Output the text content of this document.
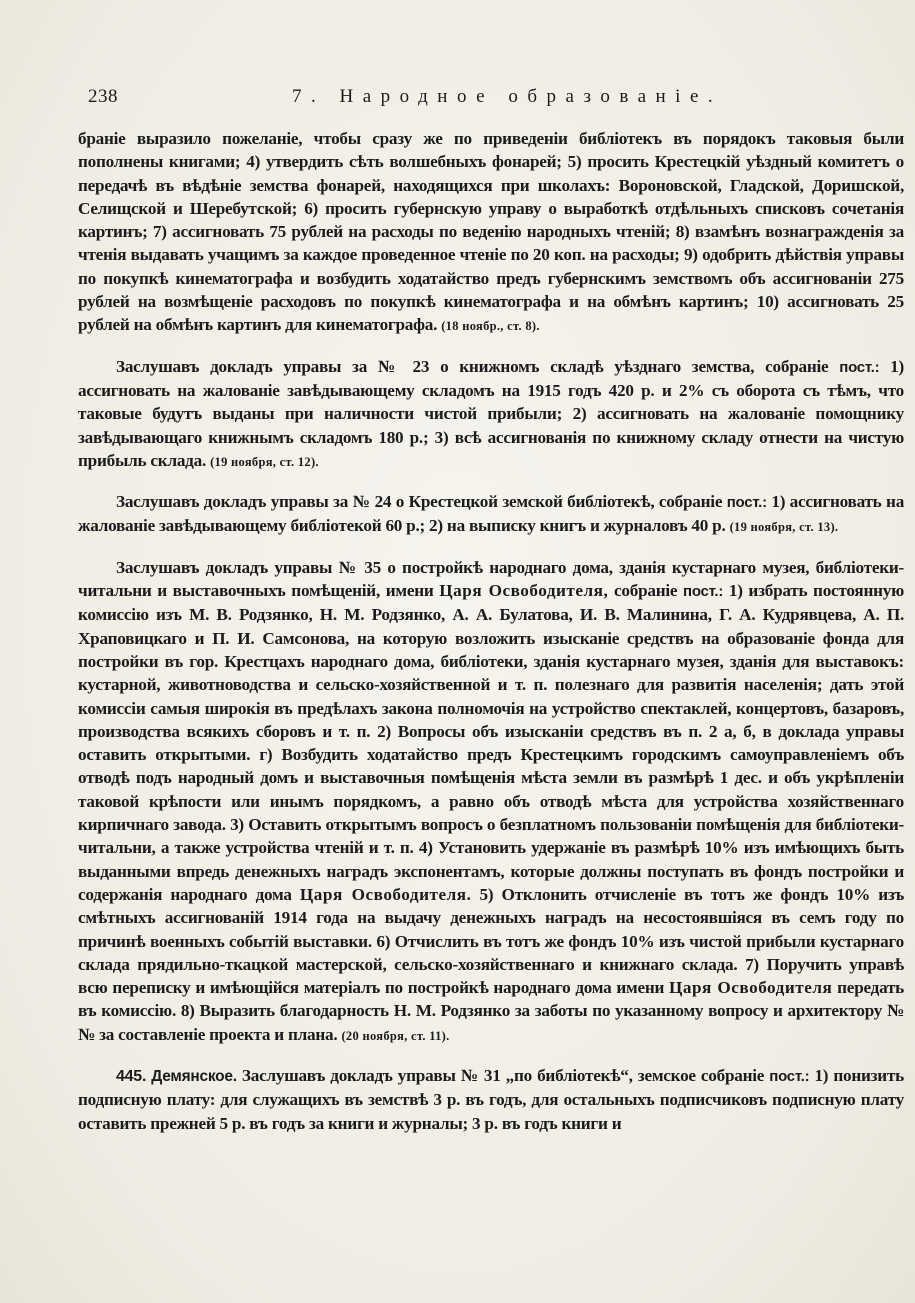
238	7. Народное образованiе.

бранiе выразило пожеланiе, чтобы сразу же по приведенiи библiотекъ въ порядокъ таковыя были пополнены книгами; 4) утвердить сѣть волшебныхъ фонарей; 5) просить Крестецкiй уѣздный комитетъ о передачѣ въ вѣдѣнiе земства фонарей, находящихся при школахъ: Вороновской, Гладской, Доришской, Селищской и Шеребутской; 6) просить губернскую управу о выработкѣ отдѣльныхъ списковъ сочетанiя картинъ; 7) ассигновать 75 рублей на расходы по веденiю народныхъ чтенiй; 8) взамѣнъ вознагражденiя за чтенiя выдавать учащимъ за каждое проведенное чтенiе по 20 коп. на расходы; 9) одобрить дѣйствiя управы по покупкѣ кинематографа и возбудить ходатайство предъ губернскимъ земствомъ объ ассигнованiи 275 рублей на возмѣщенiе расходовъ по покупкѣ кинематографа и на обмѣнъ картинъ; 10) ассигновать 25 рублей на обмѣнъ картинъ для кинематографа. (18 ноябр., ст. 8).

Заслушавъ докладъ управы за № 23 о книжномъ складѣ уѣзднаго земства, собранiе пост.: 1) ассигновать на жалованiе завѣдывающему складомъ на 1915 годъ 420 р. и 2% съ оборота съ тѣмъ, что таковые будутъ выданы при наличности чистой прибыли; 2) ассигновать на жалованiе помощнику завѣдывающаго книжнымъ складомъ 180 р.; 3) всѣ ассигнованiя по книжному складу отнести на чистую прибыль склада. (19 ноября, ст. 12).

Заслушавъ докладъ управы за № 24 о Крестецкой земской библiотекѣ, собранiе пост.: 1) ассигновать на жалованiе завѣдывающему библiотекой 60 р.; 2) на выписку книгъ и журналовъ 40 р. (19 ноября, ст. 13).

Заслушавъ докладъ управы № 35 о постройкѣ народнаго дома, зданiя кустарнаго музея, библiотеки-читальни и выставочныхъ помѣщенiй, имени Царя Освободителя, собранiе пост.: 1) избрать постоянную комиссiю изъ М. В. Родзянко, Н. М. Родзянко, А. А. Булатова, И. В. Малинина, Г. А. Кудрявцева, А. П. Храповицкаго и П. И. Самсонова, на которую возложить изысканiе средствъ на образованiе фонда для постройки въ гор. Крестцахъ народнаго дома, библiотеки, зданiя кустарнаго музея, зданiя для выставокъ: кустарной, животноводства и сельско-хозяйственной и т. п. полезнаго для развитiя населенiя; дать этой комиссiи самыя широкiя въ предѣлахъ закона полномочiя на устройство спектаклей, концертовъ, базаровъ, производства всякихъ сборовъ и т. п. 2) Вопросы объ изысканiи средствъ въ п. 2 а, б, в доклада управы оставить открытыми. г) Возбудить ходатайство предъ Крестецкимъ городскимъ самоуправленiемъ объ отводѣ подъ народный домъ и выставочныя помѣщенiя мѣста земли въ размѣрѣ 1 дес. и объ укрѣпленiи таковой крѣпости или инымъ порядкомъ, а равно объ отводѣ мѣста для устройства хозяйственнаго кирпичнаго завода. 3) Оставить открытымъ вопросъ о безплатномъ пользованiи помѣщенiя для библiотеки-читальни, а также устройства чтенiй и т. п. 4) Установить удержанiе въ размѣрѣ 10% изъ имѣющихъ быть выданными впредь денежныхъ наградъ экспонентамъ, которые должны поступать въ фондъ постройки и содержанiя народнаго дома Царя Освободителя. 5) Отклонить отчисленiе въ тотъ же фондъ 10% изъ смѣтныхъ ассигнованiй 1914 года на выдачу денежныхъ наградъ на несостоявшiяся въ семъ году по причинѣ военныхъ событiй выставки. 6) Отчислить въ тотъ же фондъ 10% изъ чистой прибыли кустарнаго склада прядильно-ткацкой мастерской, сельско-хозяйственнаго и книжнаго склада. 7) Поручить управѣ всю переписку и имѣющiйся матерiалъ по постройкѣ народнаго дома имени Царя Освободителя передать въ комиссiю. 8) Выразить благодарность Н. М. Родзянко за заботы по указанному вопросу и архитектору №№ за составленiе проекта и плана. (20 ноября, ст. 11).

445. Демянское. Заслушавъ докладъ управы № 31 „по библiотекѣ“, земское собранiе пост.: 1) понизить подписную плату: для служащихъ въ земствѣ 3 р. въ годъ, для остальныхъ подписчиковъ подписную плату оставить прежней 5 р. въ годъ за книги и журналы; 3 р. въ годъ книги и
